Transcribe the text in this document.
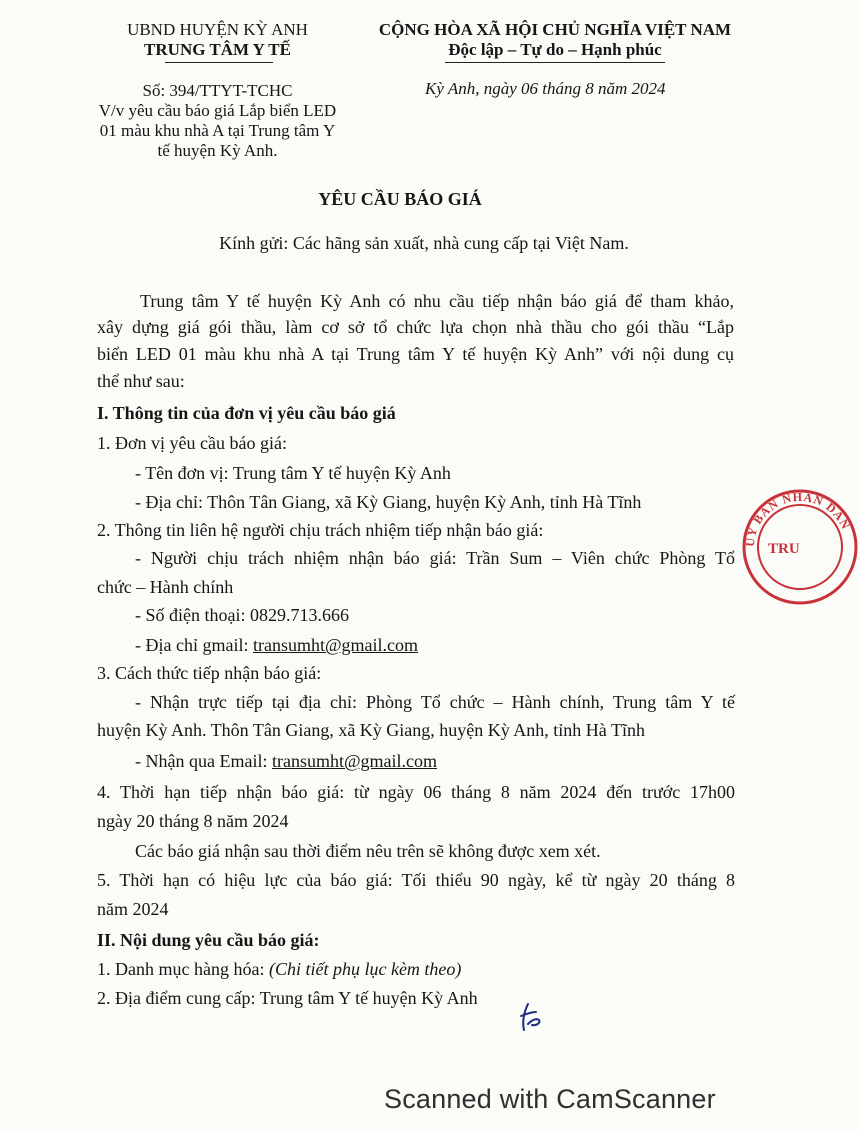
UBND HUYỆN KỲ ANH
TRUNG TÂM Y TẾ
CỘNG HÒA XÃ HỘI CHỦ NGHĨA VIỆT NAM
Độc lập – Tự do – Hạnh phúc
Số: 394/TTYT-TCHC
V/v yêu cầu báo giá Lắp biển LED
01 màu khu nhà A tại Trung tâm Y
tế huyện Kỳ Anh.
Kỳ Anh, ngày 06 tháng 8 năm 2024
YÊU CẦU BÁO GIÁ
Kính gửi: Các hãng sản xuất, nhà cung cấp tại Việt Nam.
Trung tâm Y tế huyện Kỳ Anh có nhu cầu tiếp nhận báo giá để tham khảo,
xây dựng giá gói thầu, làm cơ sở tổ chức lựa chọn nhà thầu cho gói thầu “Lắp
biển LED 01 màu khu nhà A tại Trung tâm Y tế huyện Kỳ Anh” với nội dung cụ
thể như sau:
I. Thông tin của đơn vị yêu cầu báo giá
1. Đơn vị yêu cầu báo giá:
- Tên đơn vị: Trung tâm Y tế huyện Kỳ Anh
- Địa chỉ: Thôn Tân Giang, xã Kỳ Giang, huyện Kỳ Anh, tỉnh Hà Tĩnh
2. Thông tin liên hệ người chịu trách nhiệm tiếp nhận báo giá:
- Người chịu trách nhiệm nhận báo giá: Trần Sum – Viên chức Phòng Tổ
chức – Hành chính
- Số điện thoại: 0829.713.666
- Địa chỉ gmail: transumht@gmail.com
3. Cách thức tiếp nhận báo giá:
- Nhận trực tiếp tại địa chỉ: Phòng Tổ chức – Hành chính, Trung tâm Y tế
huyện Kỳ Anh. Thôn Tân Giang, xã Kỳ Giang, huyện Kỳ Anh, tỉnh Hà Tĩnh
- Nhận qua Email: transumht@gmail.com
4. Thời hạn tiếp nhận báo giá: từ ngày 06 tháng 8 năm 2024 đến trước 17h00
ngày 20 tháng 8 năm 2024
Các báo giá nhận sau thời điểm nêu trên sẽ không được xem xét.
5. Thời hạn có hiệu lực của báo giá: Tối thiểu 90 ngày, kể từ ngày 20 tháng 8
năm 2024
II. Nội dung yêu cầu báo giá:
1. Danh mục hàng hóa: (Chi tiết phụ lục kèm theo)
2. Địa điểm cung cấp: Trung tâm Y tế huyện Kỳ Anh
ỦY BAN NHÂN DÂN
TRU
Scanned with CamScanner
